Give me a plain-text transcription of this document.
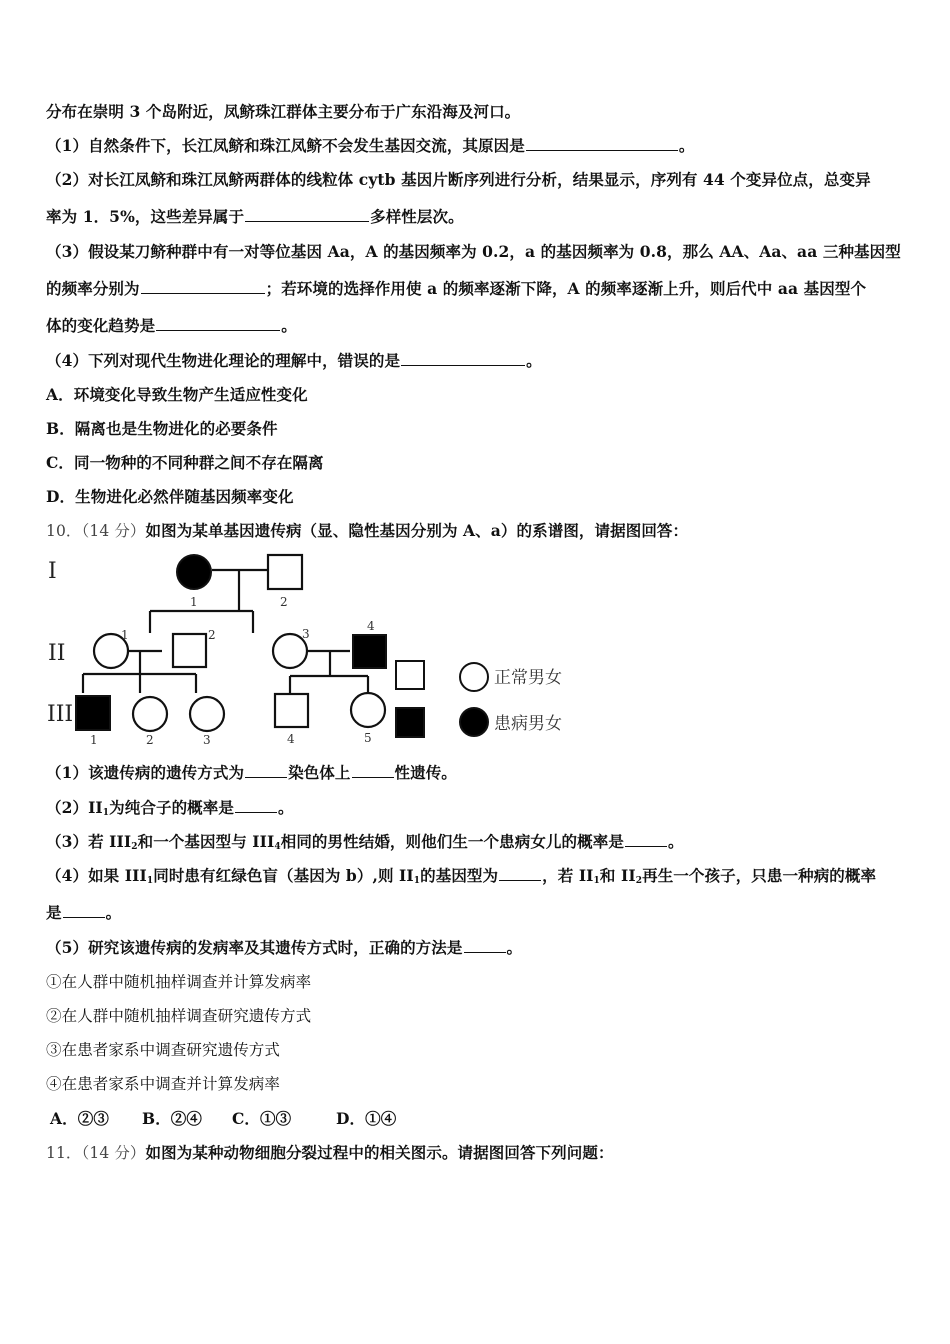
分布在崇明 3 个岛附近，凤鲚珠江群体主要分布于广东沿海及河口。
（1）自然条件下，长江凤鲚和珠江凤鲚不会发生基因交流，其原因是	。
（2）对长江凤鲚和珠江凤鲚两群体的线粒体 cytb 基因片断序列进行分析，结果显示，序列有 44 个变异位点，总变异
率为 1．5%，这些差异属于	多样性层次。
（3）假设某刀鲚种群中有一对等位基因 Aa，A 的基因频率为 0.2，a 的基因频率为 0.8，那么 AA、Aa、aa 三种基因型
的频率分别为	；若环境的选择作用使 a 的频率逐渐下降，A 的频率逐渐上升，则后代中 aa 基因型个
体的变化趋势是	。
（4）下列对现代生物进化理论的理解中，错误的是	。
A．环境变化导致生物产生适应性变化
B．隔离也是生物进化的必要条件
C．同一物种的不同种群之间不存在隔离
D．生物进化必然伴随基因频率变化
10．（14 分）如图为某单基因遗传病（显、隐性基因分别为 A、a）的系谱图，请据图回答：
I
II
III
1	2
1	2	3
4
1	2	3	4	5
正常男女
患病男女
（1）该遗传病的遗传方式为	染色体上	性遗传。
$(2)II_1$为纯合子的概率是	。
（3）若 $III_2$和一个基因型与 $III_4$相同的男性结婚，则他们生一个患病女儿的概率是	。
（4）如果 $III_1$同时患有红绿色盲（基因为 b）,则 $II_1$的基因型为	，若 $II_1$和 $II_2$再生一个孩子，只患一种病的概率
是	。
（5）研究该遗传病的发病率及其遗传方式时，正确的方法是	。
①在人群中随机抽样调查并计算发病率
②在人群中随机抽样调查研究遗传方式
③在患者家系中调查研究遗传方式
④在患者家系中调查并计算发病率
A．②③ B．②④ C．①③	D．①④
11．（14 分）如图为某种动物细胞分裂过程中的相关图示。请据图回答下列问题：
